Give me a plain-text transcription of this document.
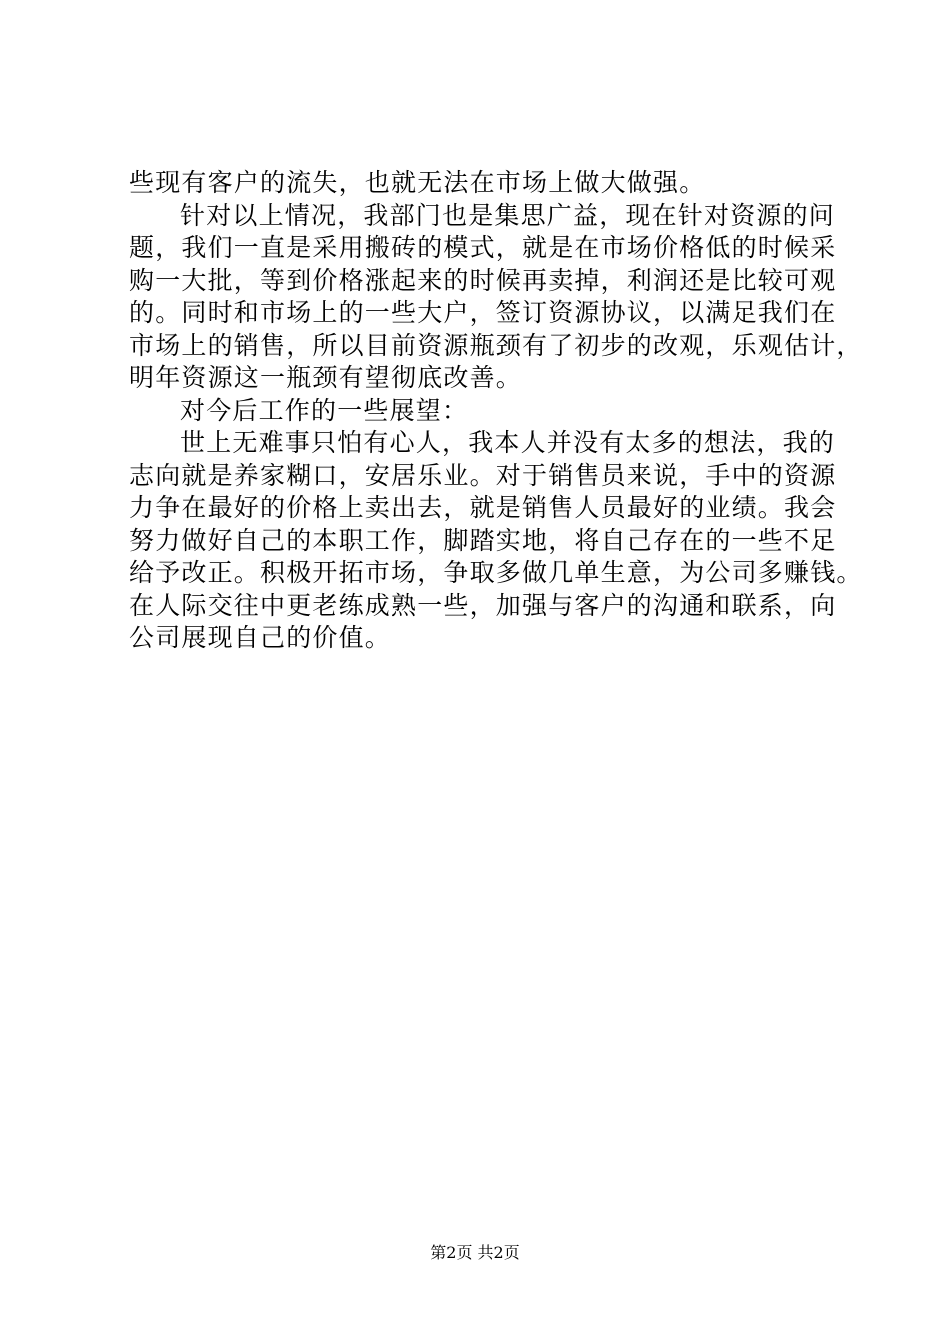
些现有客户的流失，也就无法在市场上做大做强。
针对以上情况，我部门也是集思广益，现在针对资源的问
题，我们一直是采用搬砖的模式，就是在市场价格低的时候采
购一大批，等到价格涨起来的时候再卖掉，利润还是比较可观
的。同时和市场上的一些大户，签订资源协议，以满足我们在
市场上的销售，所以目前资源瓶颈有了初步的改观，乐观估计，
明年资源这一瓶颈有望彻底改善。
对今后工作的一些展望：
世上无难事只怕有心人，我本人并没有太多的想法，我的
志向就是养家糊口，安居乐业。对于销售员来说，手中的资源
力争在最好的价格上卖出去，就是销售人员最好的业绩。我会
努力做好自己的本职工作，脚踏实地，将自己存在的一些不足
给予改正。积极开拓市场，争取多做几单生意，为公司多赚钱。
在人际交往中更老练成熟一些，加强与客户的沟通和联系，向
公司展现自己的价值。
第2页 共2页
